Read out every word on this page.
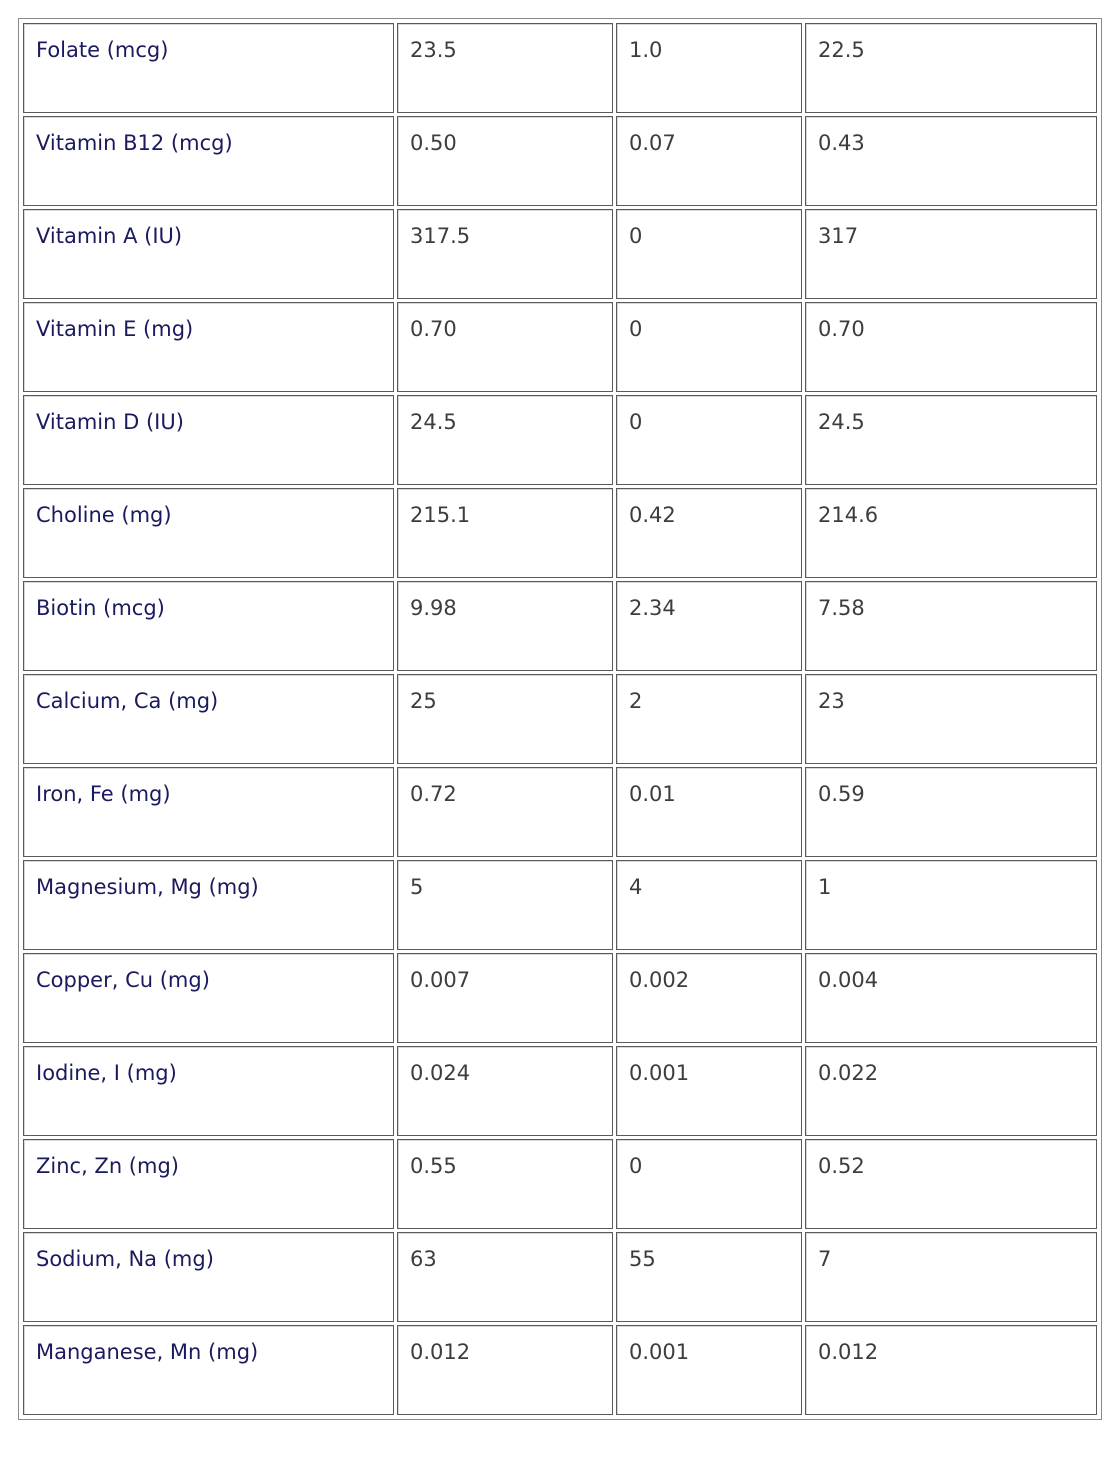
Folate (mcg)	23.5	1.0	22.5
Vitamin B12 (mcg)	0.50	0.07	0.43
Vitamin A (IU)	317.5	0	317
Vitamin E (mg)	0.70	0	0.70
Vitamin D (IU)	24.5	0	24.5
Choline (mg)	215.1	0.42	214.6
Biotin (mcg)	9.98	2.34	7.58
Calcium, Ca (mg)	25	2	23
Iron, Fe (mg)	0.72	0.01	0.59
Magnesium, Mg (mg)	5	4	1
Copper, Cu (mg)	0.007	0.002	0.004
Iodine, I (mg)	0.024	0.001	0.022
Zinc, Zn (mg)	0.55	0	0.52
Sodium, Na (mg)	63	55	7
Manganese, Mn (mg)	0.012	0.001	0.012
